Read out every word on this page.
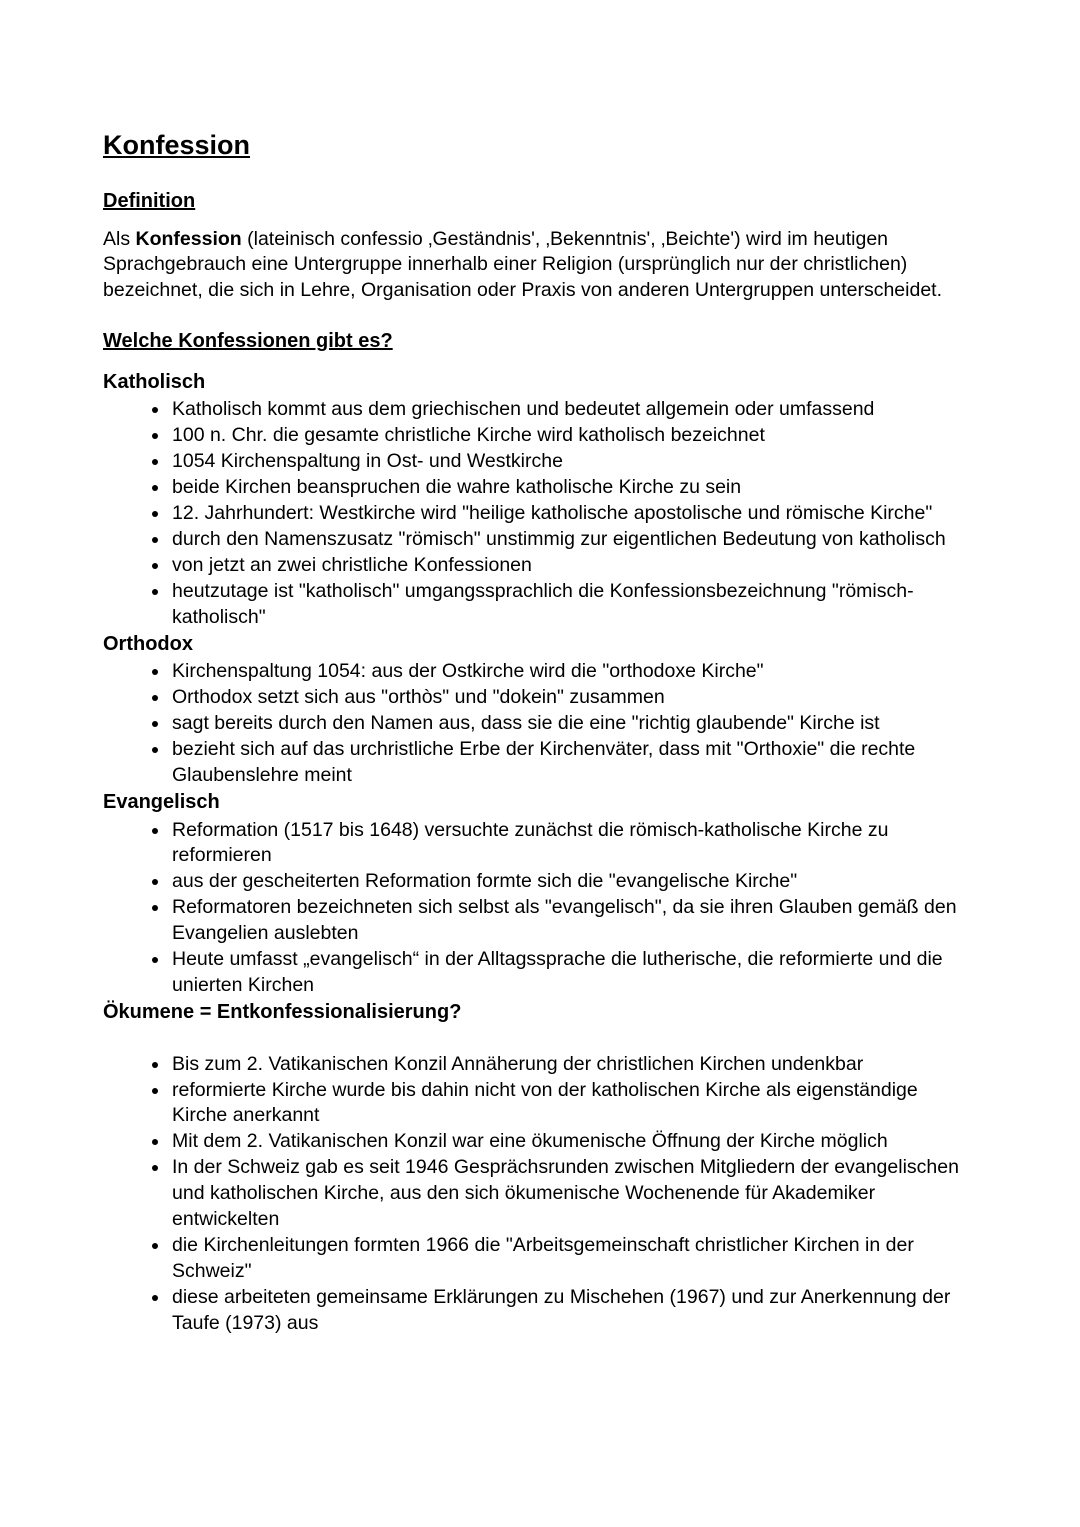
Konfession
Definition

Als Konfession (lateinisch confessio ‚Geständnis', ‚Bekenntnis', ‚Beichte') wird im heutigen Sprachgebrauch eine Untergruppe innerhalb einer Religion (ursprünglich nur der christlichen) bezeichnet, die sich in Lehre, Organisation oder Praxis von anderen Untergruppen unterscheidet.

Welche Konfessionen gibt es?
Katholisch
• Katholisch kommt aus dem griechischen und bedeutet allgemein oder umfassend
• 100 n. Chr. die gesamte christliche Kirche wird katholisch bezeichnet
• 1054 Kirchenspaltung in Ost- und Westkirche
• beide Kirchen beanspruchen die wahre katholische Kirche zu sein
• 12. Jahrhundert: Westkirche wird "heilige katholische apostolische und römische Kirche"
• durch den Namenszusatz "römisch" unstimmig zur eigentlichen Bedeutung von katholisch
• von jetzt an zwei christliche Konfessionen
• heutzutage ist "katholisch" umgangssprachlich die Konfessionsbezeichnung "römisch-katholisch"
Orthodox
• Kirchenspaltung 1054: aus der Ostkirche wird die "orthodoxe Kirche"
• Orthodox setzt sich aus "orthòs" und "dokein" zusammen
• sagt bereits durch den Namen aus, dass sie die eine "richtig glaubende" Kirche ist
• bezieht sich auf das urchristliche Erbe der Kirchenväter, dass mit "Orthoxie" die rechte Glaubenslehre meint
Evangelisch
• Reformation (1517 bis 1648) versuchte zunächst die römisch-katholische Kirche zu reformieren
• aus der gescheiterten Reformation formte sich die "evangelische Kirche"
• Reformatoren bezeichneten sich selbst als "evangelisch", da sie ihren Glauben gemäß den Evangelien auslebten
• Heute umfasst „evangelisch“ in der Alltagssprache die lutherische, die reformierte und die unierten Kirchen
Ökumene = Entkonfessionalisierung?
• Bis zum 2. Vatikanischen Konzil Annäherung der christlichen Kirchen undenkbar
• reformierte Kirche wurde bis dahin nicht von der katholischen Kirche als eigenständige Kirche anerkannt
• Mit dem 2. Vatikanischen Konzil war eine ökumenische Öffnung der Kirche möglich
• In der Schweiz gab es seit 1946 Gesprächsrunden zwischen Mitgliedern der evangelischen und katholischen Kirche, aus den sich ökumenische Wochenende für Akademiker entwickelten
• die Kirchenleitungen formten 1966 die "Arbeitsgemeinschaft christlicher Kirchen in der Schweiz"
• diese arbeiteten gemeinsame Erklärungen zu Mischehen (1967) und zur Anerkennung der Taufe (1973) aus
